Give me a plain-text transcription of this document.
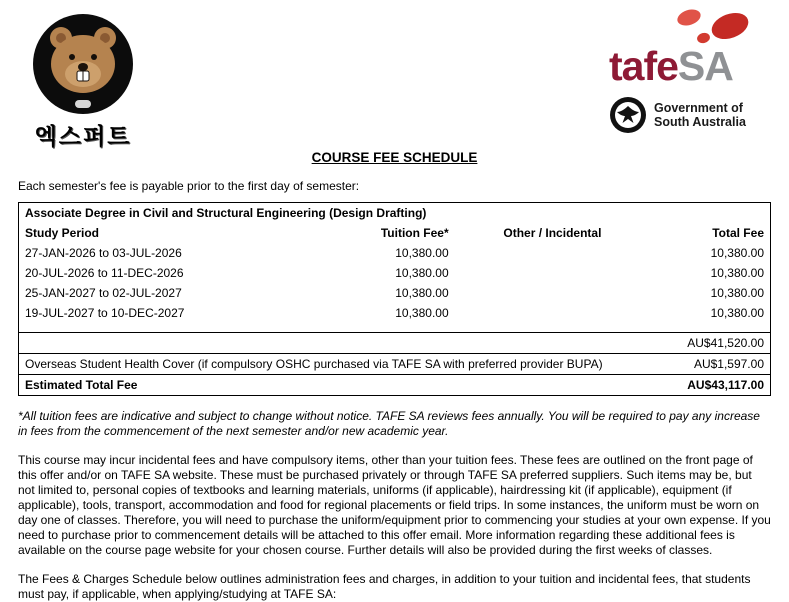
엑스퍼트
tafeSA
Government of
South Australia
COURSE FEE SCHEDULE

Each semester's fee is payable prior to the first day of semester:

Associate Degree in Civil and Structural Engineering (Design Drafting)			
Study Period	Tuition Fee*	Other / Incidental	Total Fee
27-JAN-2026 to 03-JUL-2026	10,380.00		10,380.00
20-JUL-2026 to 11-DEC-2026	10,380.00		10,380.00
25-JAN-2027 to 02-JUL-2027	10,380.00		10,380.00
19-JUL-2027 to 10-DEC-2027	10,380.00		10,380.00

			AU$41,520.00
Overseas Student Health Cover (if compulsory OSHC purchased via TAFE SA with preferred provider BUPA)			AU$1,597.00
Estimated Total Fee			AU$43,117.00

*All tuition fees are indicative and subject to change without notice. TAFE SA reviews fees annually. You will be required to pay any increase in fees from the commencement of the next semester and/or new academic year.

This course may incur incidental fees and have compulsory items, other than your tuition fees. These fees are outlined on the front page of this offer and/or on TAFE SA website. These must be purchased privately or through TAFE SA preferred suppliers. Such items may be, but not limited to, personal copies of textbooks and learning materials, uniforms (if applicable), hairdressing kit (if applicable), equipment (if applicable), tools, transport, accommodation and food for regional placements or field trips. In some instances, the uniform must be worn on day one of classes. Therefore, you will need to purchase the uniform/equipment prior to commencing your studies at your own expense. If you need to purchase prior to commencement details will be attached to this offer email. More information regarding these additional fees is available on the course page website for your chosen course. Further details will also be provided during the first weeks of classes.

The Fees & Charges Schedule below outlines administration fees and charges, in addition to your tuition and incidental fees, that students must pay, if applicable, when applying/studying at TAFE SA:
